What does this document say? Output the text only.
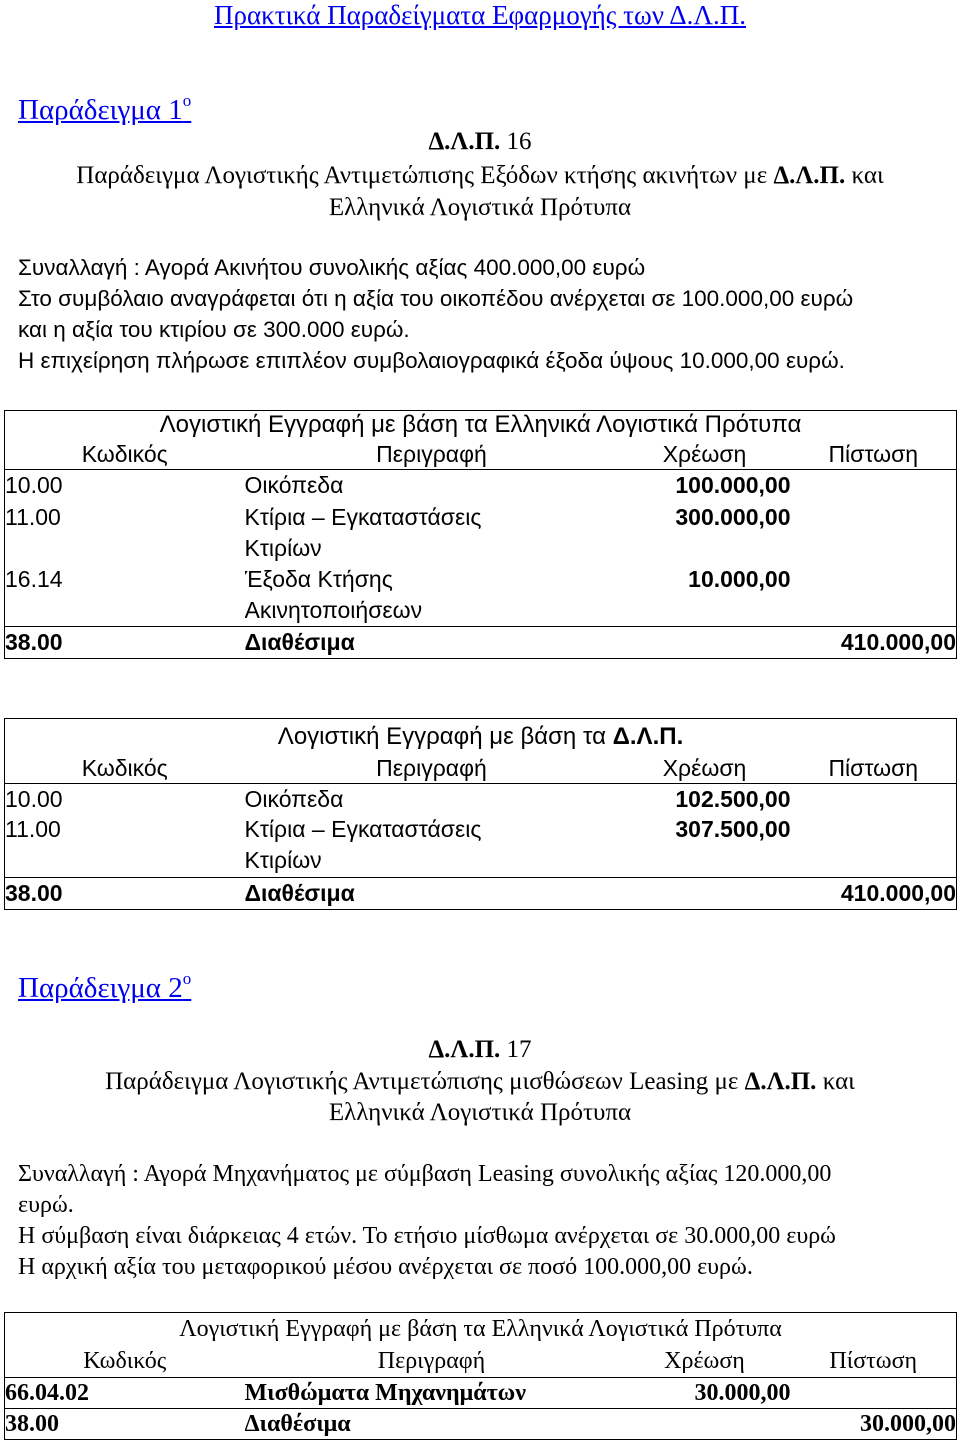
Πρακτικά Παραδείγματα Εφαρμογής των Δ.Λ.Π.
Παράδειγμα $1^o$
Δ.Λ.Π. 16
Παράδειγμα Λογιστικής Αντιμετώπισης Εξόδων κτήσης ακινήτων με Δ.Λ.Π. και
Ελληνικά Λογιστικά Πρότυπα
Συναλλαγή : Αγορά Ακινήτου συνολικής αξίας 400.000,00 ευρώ
Στο συμβόλαιο αναγράφεται ότι η αξία του οικοπέδου ανέρχεται σε 100.000,00 ευρώ
και η αξία του κτιρίου σε 300.000 ευρώ.
Η επιχείρηση πλήρωσε επιπλέον συμβολαιογραφικά έξοδα ύψους 10.000,00 ευρώ.
Λογιστική Εγγραφή με βάση τα Ελληνικά Λογιστικά Πρότυπα			
Κωδικός	Περιγραφή	Χρέωση	Πίστωση
10.00	Οικόπεδα	100.000,00	
11.00	Κτίρια – Εγκαταστάσεις
Κτιρίων	300.000,00	
16.14	Έξοδα Κτήσης
Ακινητοποιήσεων	10.000,00	
38.00	Διαθέσιμα		410.000,00
Λογιστική Εγγραφή με βάση τα Δ.Λ.Π.			
Κωδικός	Περιγραφή	Χρέωση	Πίστωση
10.00	Οικόπεδα	102.500,00	
11.00	Κτίρια – Εγκαταστάσεις
Κτιρίων	307.500,00	
38.00	Διαθέσιμα		410.000,00
Παράδειγμα $2^o$
Δ.Λ.Π. 17
Παράδειγμα Λογιστικής Αντιμετώπισης μισθώσεων Leasing με Δ.Λ.Π. και
Ελληνικά Λογιστικά Πρότυπα
Συναλλαγή : Αγορά Μηχανήματος με σύμβαση Leasing συνολικής αξίας 120.000,00
ευρώ.
Η σύμβαση είναι διάρκειας 4 ετών. Το ετήσιο μίσθωμα ανέρχεται σε 30.000,00 ευρώ
Η αρχική αξία του μεταφορικού μέσου ανέρχεται σε ποσό 100.000,00 ευρώ.
Λογιστική Εγγραφή με βάση τα Ελληνικά Λογιστικά Πρότυπα			
Κωδικός	Περιγραφή	Χρέωση	Πίστωση
66.04.02	Μισθώματα Μηχανημάτων	30.000,00	
38.00	Διαθέσιμα		30.000,00
